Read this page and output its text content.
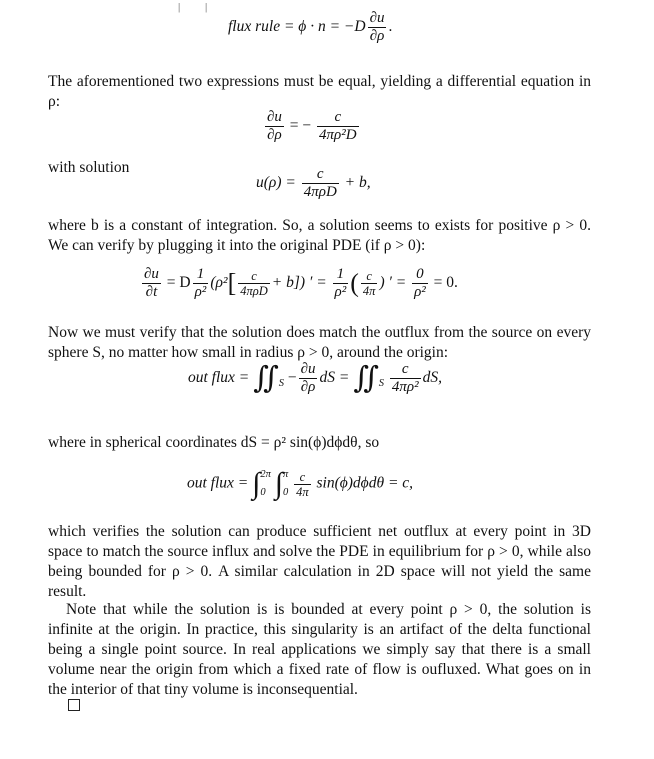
| |
flux rule = $\phi \cdot n = -D \frac{\partial u}{\partial\rho}$ .
The aforementioned two expressions must be equal, yielding a differential equation in ρ:
$\frac{\partial u}{\partial\rho}$ = − $\frac{c}{\text{4πρ²D}}$
with solution
$u(\rho) = \frac{c}{\text{4πρD}} + b$,
where b is a constant of integration. So, a solution seems to exists for positive ρ > 0. We can verify by plugging it into the original PDE (if ρ > 0):
$\frac{\partial u}{\partial t} = D \frac{1}{\text{ρ²}} (\rho^2[ \frac{c}{\text{4πρD}} + b])$ ′ = $\frac{1}{\text{ρ²}}$ ( $\frac{c}{4\pi}$ ) ′ = $\frac{0}{\text{ρ²}} = 0$.
Now we must verify that the solution does match the outflux from the source on every sphere S, no matter how small in radius ρ > 0, around the origin:
out flux = $∬_S - \frac{\partial u}{\partial\rho}$ dS = $∬_S \frac{c}{\text{4πρ²}}$ dS,
where in spherical coordinates dS = ρ² sin(ϕ)dϕdθ, so
out flux = ∫ 2π
0 ∫ π
0
$\frac{c}{4\pi} \sin(\phi)d\phi d\theta = c$,
which verifies the solution can produce sufficient net outflux at every point in 3D space to match the source influx and solve the PDE in equilibrium for ρ > 0, while also being bounded for ρ > 0. A similar calculation in 2D space will not yield the same result.
Note that while the solution is is bounded at every point ρ > 0, the solution is infinite at the origin. In practice, this singularity is an artifact of the delta functional being a single point source. In real applications we simply say that there is a small volume near the origin from which a fixed rate of flow is oufluxed. What goes on in the interior of that tiny volume is inconsequential.
